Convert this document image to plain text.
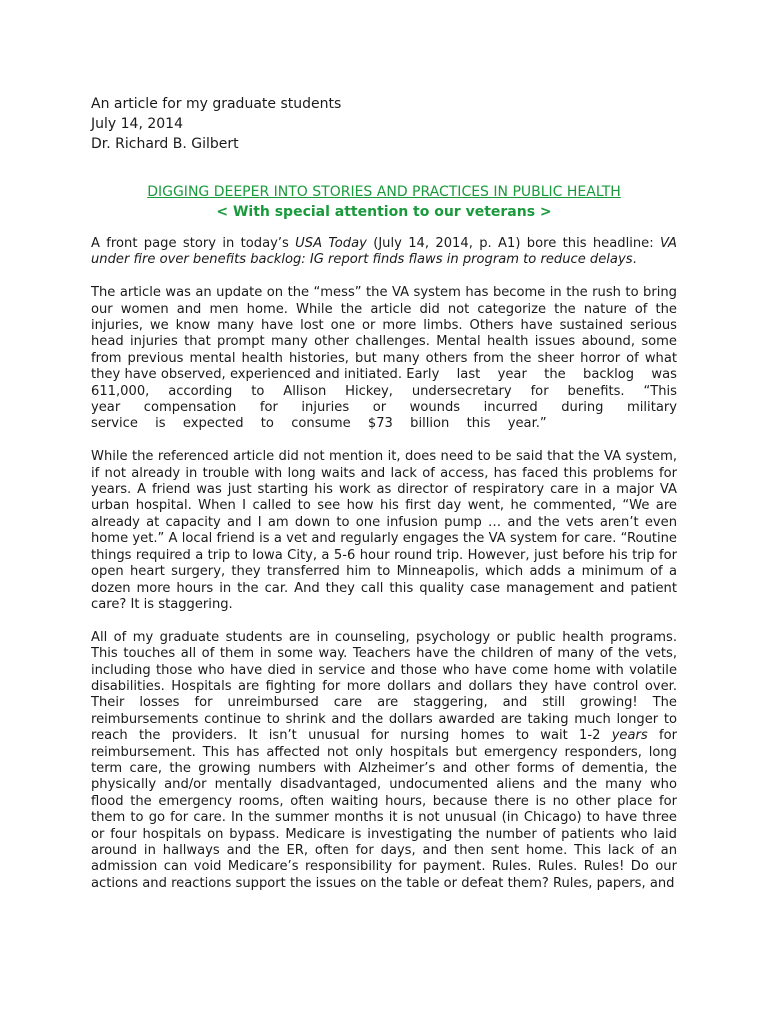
An article for my graduate students
July 14, 2014
Dr. Richard B. Gilbert
DIGGING DEEPER INTO STORIES AND PRACTICES IN PUBLIC HEALTH
< With special attention to our veterans >

A front page story in today’s USA Today (July 14, 2014, p. A1) bore this headline: VA under fire over benefits backlog: IG report finds flaws in program to reduce delays.

The article was an update on the “mess” the VA system has become in the rush to bring our women and men home. While the article did not categorize the nature of the injuries, we know many have lost one or more limbs. Others have sustained serious head injuries that prompt many other challenges. Mental health issues abound, some from previous mental health histories, but many others from the sheer horror of what they have observed, experienced and initiated. Early last year the backlog was 611,000, according to Allison Hickey, undersecretary for benefits. “This year compensation for injuries or wounds incurred during military service is expected to consume $73 billion this year.”

While the referenced article did not mention it, does need to be said that the VA system, if not already in trouble with long waits and lack of access, has faced this problems for years. A friend was just starting his work as director of respiratory care in a major VA urban hospital. When I called to see how his first day went, he commented, “We are already at capacity and I am down to one infusion pump … and the vets aren’t even home yet.” A local friend is a vet and regularly engages the VA system for care. “Routine things required a trip to Iowa City, a 5-6 hour round trip. However, just before his trip for open heart surgery, they transferred him to Minneapolis, which adds a minimum of a dozen more hours in the car. And they call this quality case management and patient care? It is staggering.

All of my graduate students are in counseling, psychology or public health programs. This touches all of them in some way. Teachers have the children of many of the vets, including those who have died in service and those who have come home with volatile disabilities. Hospitals are fighting for more dollars and dollars they have control over. Their losses for unreimbursed care are staggering, and still growing! The reimbursements continue to shrink and the dollars awarded are taking much longer to reach the providers. It isn’t unusual for nursing homes to wait 1-2 years for reimbursement. This has affected not only hospitals but emergency responders, long term care, the growing numbers with Alzheimer’s and other forms of dementia, the physically and/or mentally disadvantaged, undocumented aliens and the many who flood the emergency rooms, often waiting hours, because there is no other place for them to go for care. In the summer months it is not unusual (in Chicago) to have three or four hospitals on bypass. Medicare is investigating the number of patients who laid around in hallways and the ER, often for days, and then sent home. This lack of an admission can void Medicare’s responsibility for payment. Rules. Rules. Rules! Do our actions and reactions support the issues on the table or defeat them? Rules, papers, and
